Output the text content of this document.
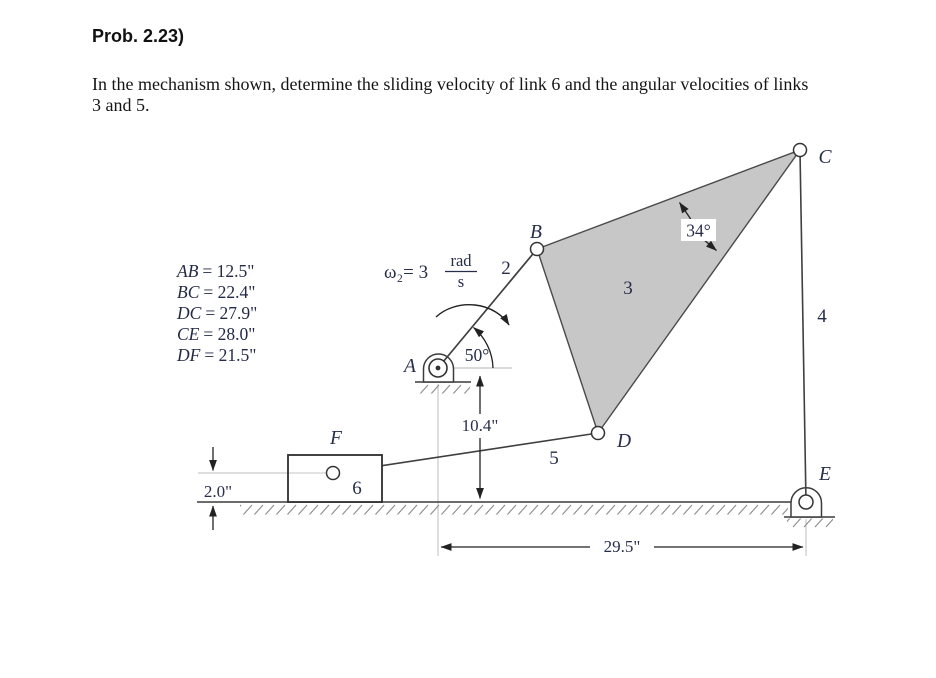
Prob. 2.23)
In the mechanism shown, determine the sliding velocity of link 6 and the angular velocities of links
3 and 5.
AB = 12.5"
BC = 22.4"
DC = 27.9"
CE = 28.0"
DF = 21.5"
34°
10.4"
2.0"
29.5"
ω₂= 3
rad
s
50°
A
B
C
D
E
F
2
3
4
5
6
